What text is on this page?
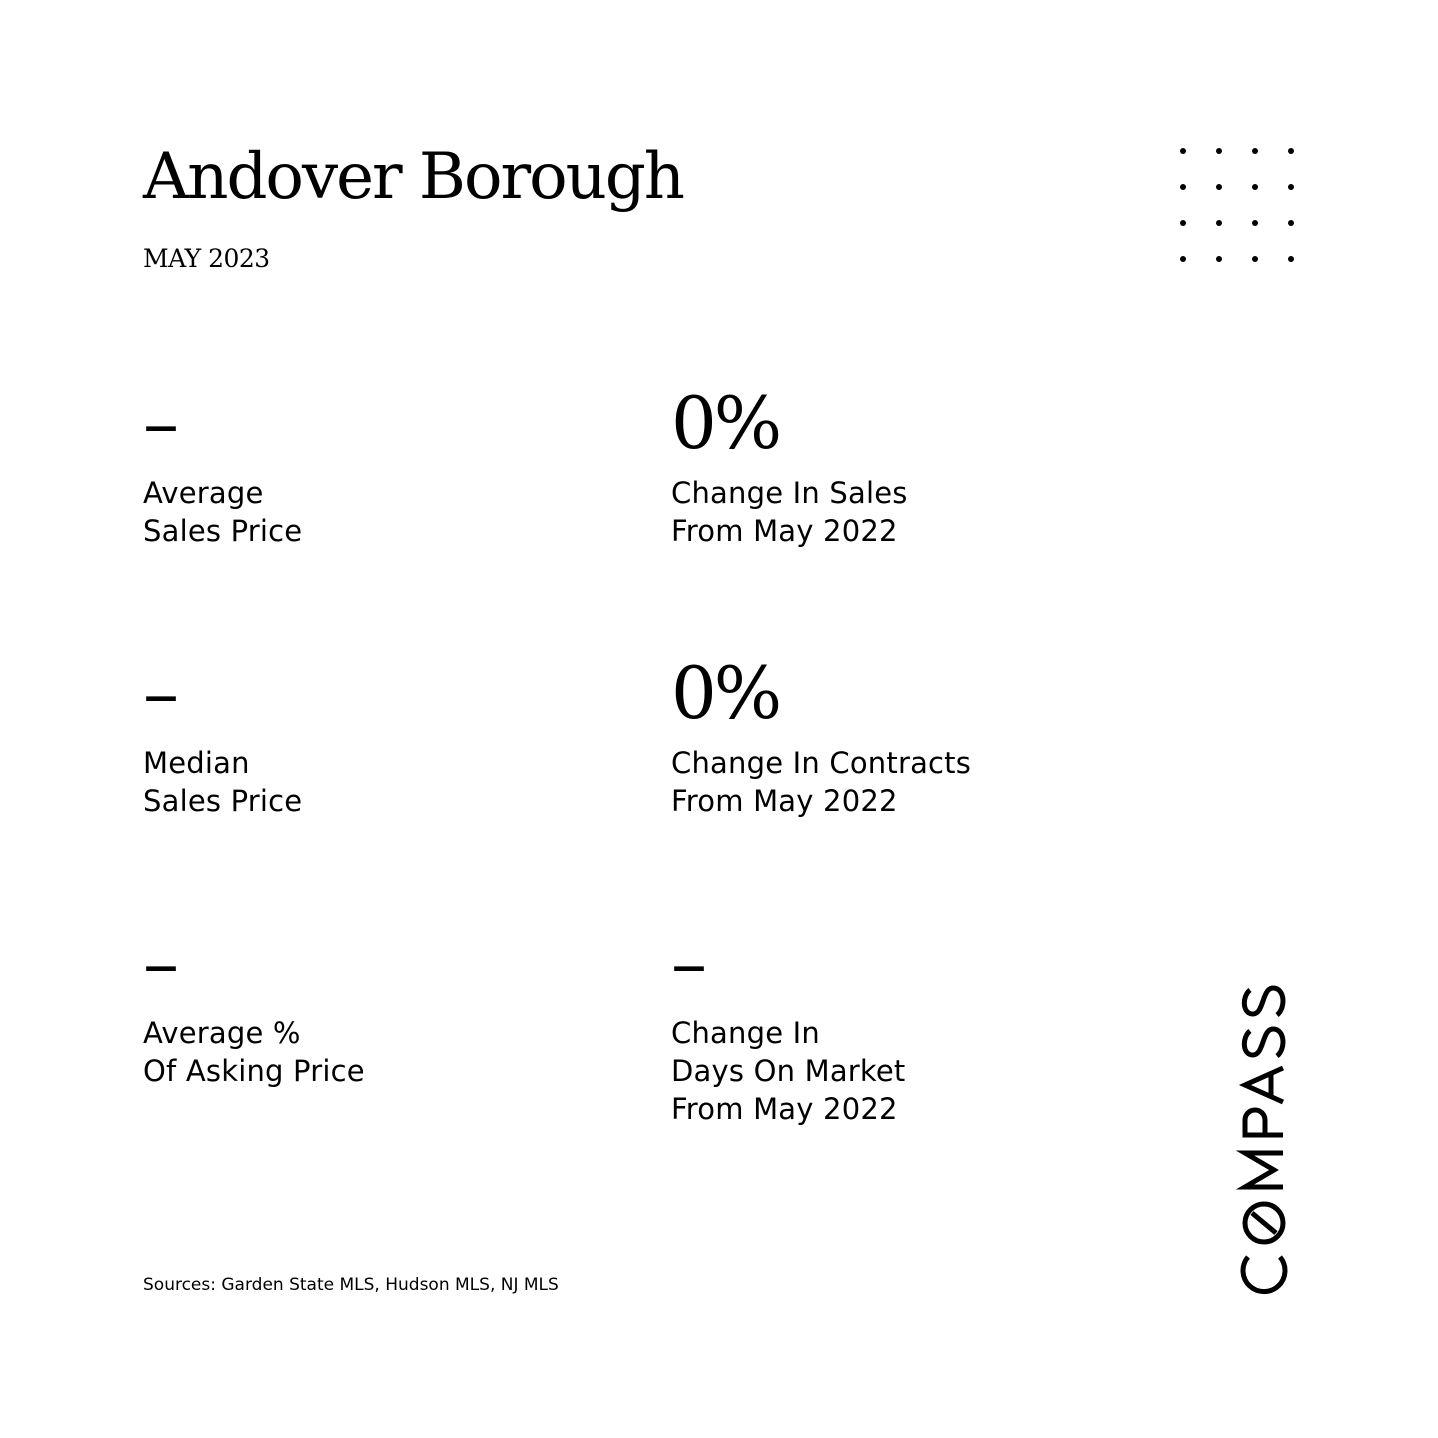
Andover Borough
MAY 2023
–
Average
Sales Price
0%
Change In Sales
From May 2022
–
Median
Sales Price
0%
Change In Contracts
From May 2022
–
Average %
Of Asking Price
–
Change In
Days On Market
From May 2022
Sources: Garden State MLS, Hudson MLS, NJ MLS
